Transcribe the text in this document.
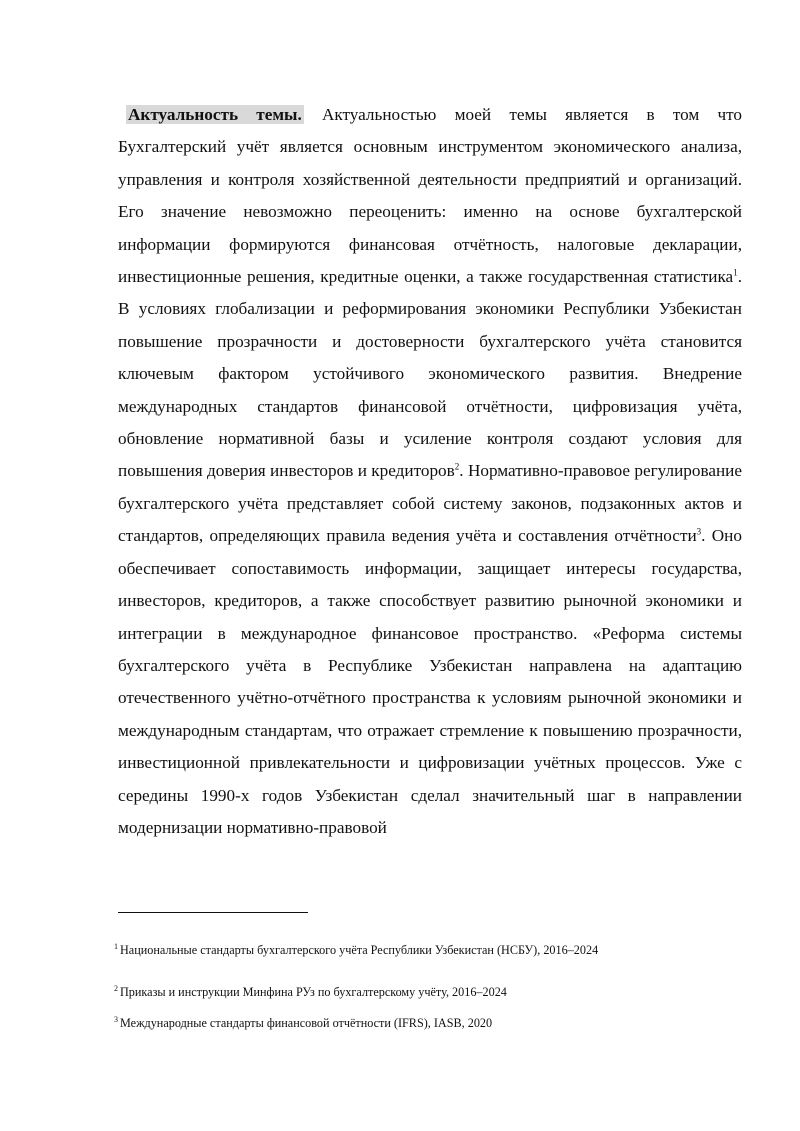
Актуальность темы. Актуальностью моей темы является в том что Бухгалтерский учёт является основным инструментом экономического анализа, управления и контроля хозяйственной деятельности предприятий и организаций. Его значение невозможно переоценить: именно на основе бухгалтерской информации формируются финансовая отчётность, налоговые декларации, инвестиционные решения, кредитные оценки, а также государственная статистика$^1$. В условиях глобализации и реформирования экономики Республики Узбекистан повышение прозрачности и достоверности бухгалтерского учёта становится ключевым фактором устойчивого экономического развития. Внедрение международных стандартов финансовой отчётности, цифровизация учёта, обновление нормативной базы и усиление контроля создают условия для повышения доверия инвесторов и кредиторов$^2$. Нормативно-правовое регулирование бухгалтерского учёта представляет собой систему законов, подзаконных актов и стандартов, определяющих правила ведения учёта и составления отчётности$^3$. Оно обеспечивает сопоставимость информации, защищает интересы государства, инвесторов, кредиторов, а также способствует развитию рыночной экономики и интеграции в международное финансовое пространство. «Реформа системы бухгалтерского учёта в Республике Узбекистан направлена на адаптацию отечественного учётно-отчётного пространства к условиям рыночной экономики и международным стандартам, что отражает стремление к повышению прозрачности, инвестиционной привлекательности и цифровизации учётных процессов. Уже с середины 1990-х годов Узбекистан сделал значительный шаг в направлении модернизации нормативно-правовой

$^1$ Национальные стандарты бухгалтерского учёта Республики Узбекистан (НСБУ), 2016–2024
$^2$ Приказы и инструкции Минфина РУз по бухгалтерскому учёту, 2016–2024
$^3$ Международные стандарты финансовой отчётности (IFRS), IASB, 2020
